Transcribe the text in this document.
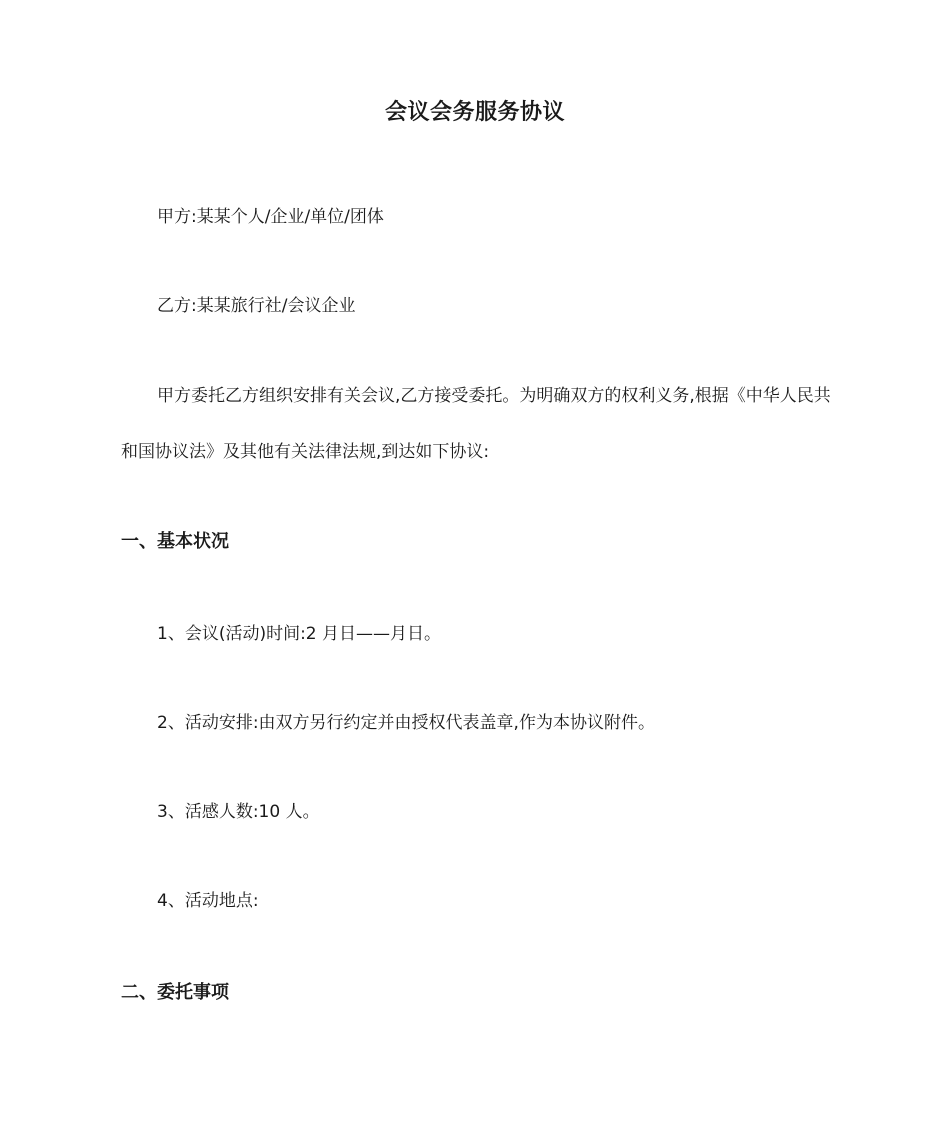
会议会务服务协议

甲方:某某个人/企业/单位/团体

乙方:某某旅行社/会议企业

甲方委托乙方组织安排有关会议,乙方接受委托。为明确双方的权利义务,根据《中华人民共和国协议法》及其他有关法律法规,到达如下协议:

一、基本状况

1、会议(活动)时间:2 月日——月日。

2、活动安排:由双方另行约定并由授权代表盖章,作为本协议附件。

3、活感人数:10 人。

4、活动地点:

二、委托事项
